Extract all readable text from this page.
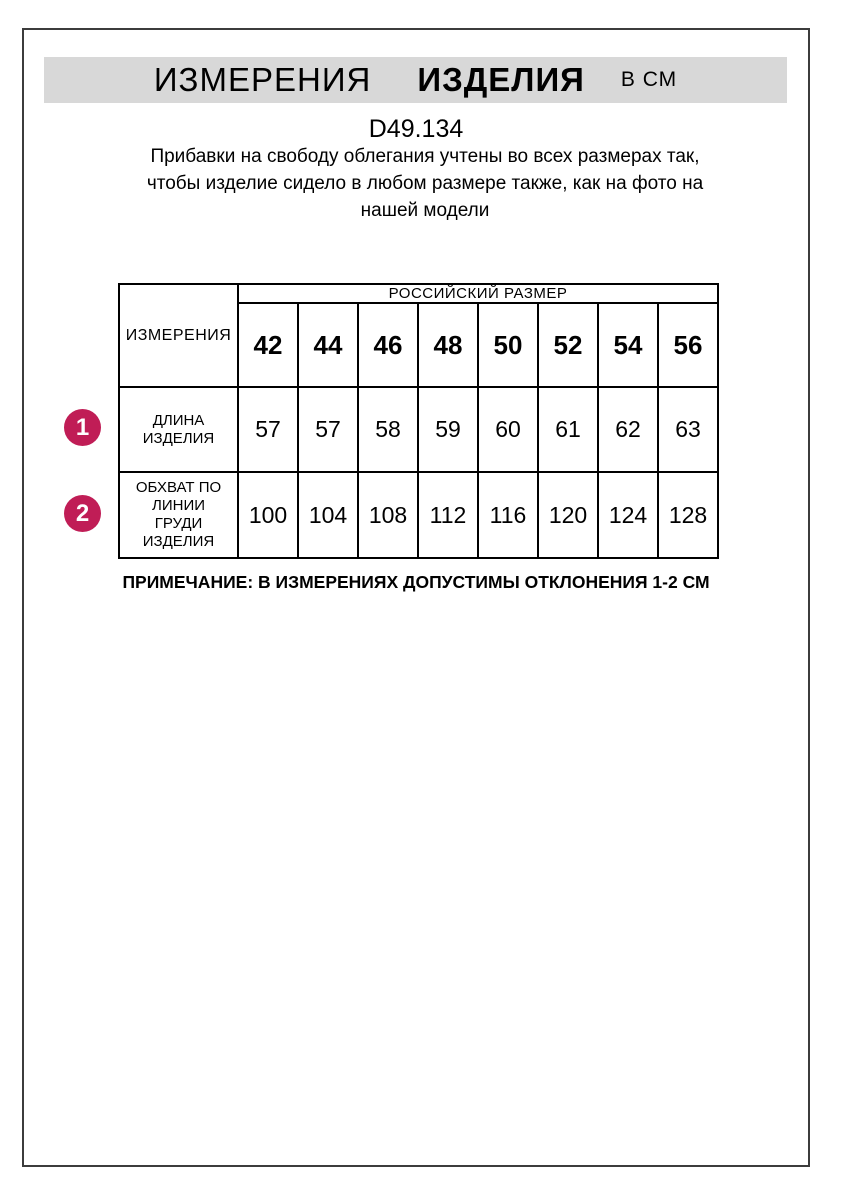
ИЗМЕРЕНИЯ ИЗДЕЛИЯ В СМ
D49.134
Прибавки на свободу облегания учтены во всех размерах так, чтобы изделие сидело в любом размере также, как на фото на нашей модели
ИЗМЕРЕНИЯ	РОССИЙСКИЙ РАЗМЕР							
	42	44	46	48	50	52	54	56
ДЛИНА ИЗДЕЛИЯ	57	57	58	59	60	61	62	63
ОБХВАТ ПО ЛИНИИ ГРУДИ ИЗДЕЛИЯ	100	104	108	112	116	120	124	128
1
2
ПРИМЕЧАНИЕ: В ИЗМЕРЕНИЯХ ДОПУСТИМЫ ОТКЛОНЕНИЯ 1-2 СМ
